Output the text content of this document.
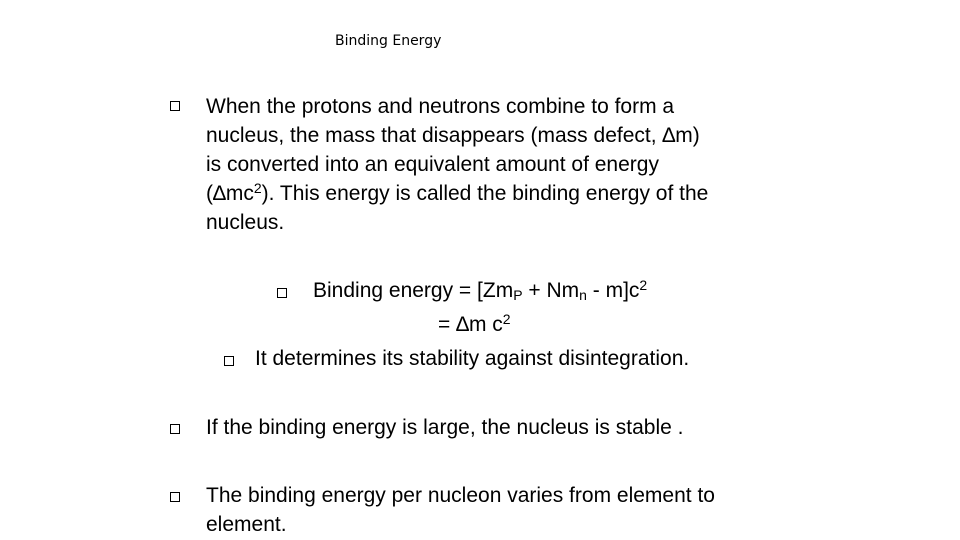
Binding Energy
When the protons and neutrons combine to form a
nucleus, the mass that disappears (mass defect, ∆m)
is converted into an equivalent amount of energy
$(\Delta mc^2)$. This energy is called the binding energy of the
nucleus.
Binding energy = $[Zm_P + Nm_n - m]c^2$
= ∆m $c^2$
It determines its stability against disintegration.
If the binding energy is large, the nucleus is stable .
The binding energy per nucleon varies from element to
element.
